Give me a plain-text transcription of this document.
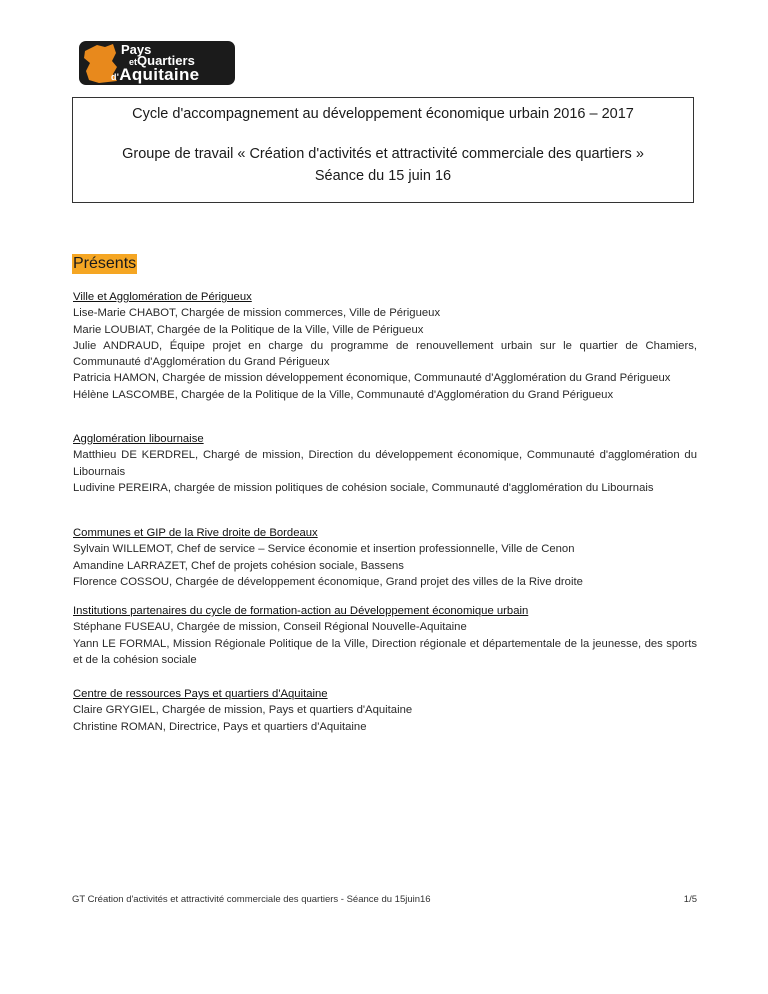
Pays
etQuartiers
d'Aquitaine
Cycle d'accompagnement au développement économique urbain 2016 – 2017
Groupe de travail « Création d'activités et attractivité commerciale des quartiers »
Séance du 15 juin 16
Présents
Ville et Agglomération de Périgueux
Lise-Marie CHABOT, Chargée de mission commerces, Ville de Périgueux
Marie LOUBIAT, Chargée de la Politique de la Ville, Ville de Périgueux
Julie ANDRAUD, Équipe projet en charge du programme de renouvellement urbain sur le quartier de Chamiers, Communauté d'Agglomération du Grand Périgueux
Patricia HAMON, Chargée de mission développement économique, Communauté d'Agglomération du Grand Périgueux
Hélène LASCOMBE, Chargée de la Politique de la Ville, Communauté d'Agglomération du Grand Périgueux
Agglomération libournaise
Matthieu DE KERDREL, Chargé de mission, Direction du développement économique, Communauté d'agglomération du Libournais
Ludivine PEREIRA, chargée de mission politiques de cohésion sociale, Communauté d'agglomération du Libournais
Communes et GIP de la Rive droite de Bordeaux
Sylvain WILLEMOT, Chef de service – Service économie et insertion professionnelle, Ville de Cenon
Amandine LARRAZET, Chef de projets cohésion sociale, Bassens
Florence COSSOU, Chargée de développement économique, Grand projet des villes de la Rive droite
Institutions partenaires du cycle de formation-action au Développement économique urbain
Stéphane FUSEAU, Chargée de mission, Conseil Régional Nouvelle-Aquitaine
Yann LE FORMAL, Mission Régionale Politique de la Ville, Direction régionale et départementale de la jeunesse, des sports et de la cohésion sociale
Centre de ressources Pays et quartiers d'Aquitaine
Claire GRYGIEL, Chargée de mission, Pays et quartiers d'Aquitaine
Christine ROMAN, Directrice, Pays et quartiers d'Aquitaine
GT Création d'activités et attractivité commerciale des quartiers - Séance du 15juin16	1/5
